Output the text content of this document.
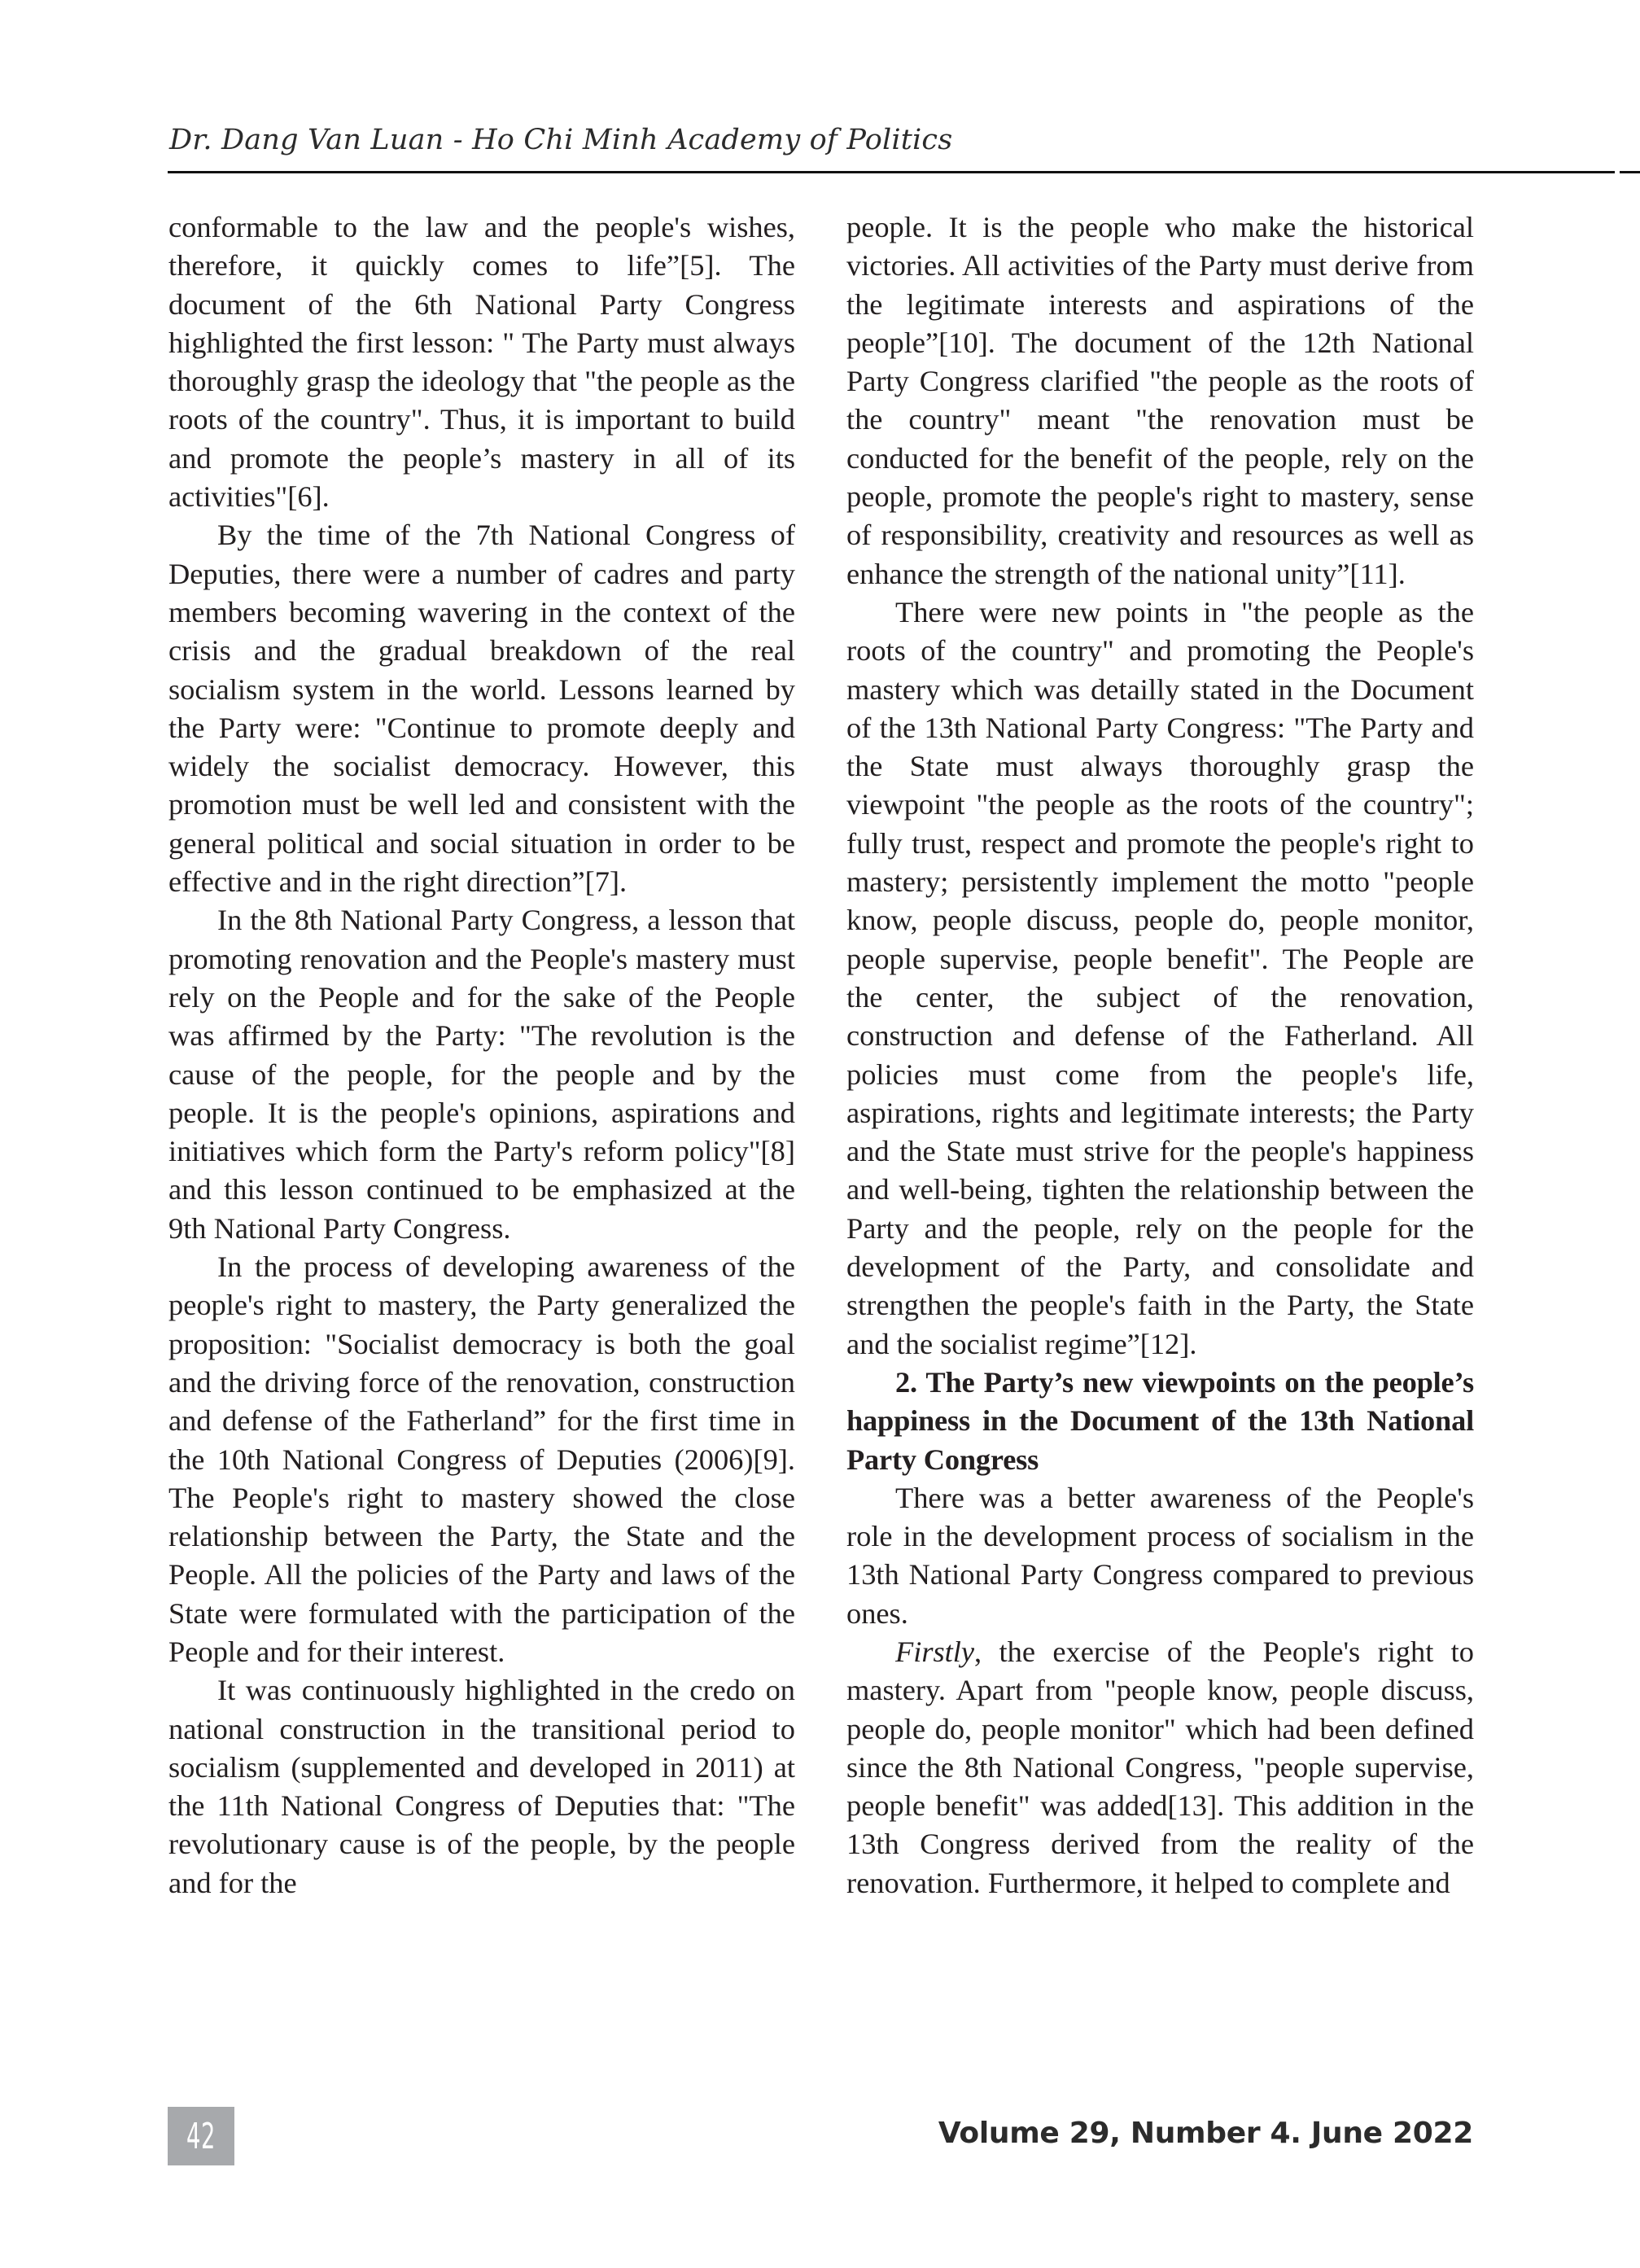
Dr. Dang Van Luan - Ho Chi Minh Academy of Politics

conformable to the law and the people's wishes, therefore, it quickly comes to life”[5]. The document of the 6th National Party Congress highlighted the first lesson: " The Party must always thoroughly grasp the ideology that "the people as the roots of the country". Thus, it is important to build and promote the people’s mastery in all of its activities"[6].

By the time of the 7th National Congress of Deputies, there were a number of cadres and party members becoming wavering in the context of the crisis and the gradual breakdown of the real socialism system in the world. Lessons learned by the Party were: "Continue to promote deeply and widely the socialist democracy. However, this promotion must be well led and consistent with the general political and social situation in order to be effective and in the right direction”[7].

In the 8th National Party Congress, a lesson that promoting renovation and the People's mastery must rely on the People and for the sake of the People was affirmed by the Party: "The revolution is the cause of the people, for the people and by the people. It is the people's opinions, aspirations and initiatives which form the Party's reform policy"[8] and this lesson continued to be emphasized at the 9th National Party Congress.

In the process of developing awareness of the people's right to mastery, the Party generalized the proposition: "Socialist democracy is both the goal and the driving force of the renovation, construction and defense of the Fatherland” for the first time in the 10th National Congress of Deputies (2006)[9]. The People's right to mastery showed the close relationship between the Party, the State and the People. All the policies of the Party and laws of the State were formulated with the participation of the People and for their interest.

It was continuously highlighted in the credo on national construction in the transitional period to socialism (supplemented and developed in 2011) at the 11th National Congress of Deputies that: "The revolutionary cause is of the people, by the people and for the

people. It is the people who make the historical victories. All activities of the Party must derive from the legitimate interests and aspirations of the people”[10]. The document of the 12th National Party Congress clarified "the people as the roots of the country" meant "the renovation must be conducted for the benefit of the people, rely on the people, promote the people's right to mastery, sense of responsibility, creativity and resources as well as enhance the strength of the national unity”[11].

There were new points in "the people as the roots of the country" and promoting the People's mastery which was detailly stated in the Document of the 13th National Party Congress: "The Party and the State must always thoroughly grasp the viewpoint "the people as the roots of the country"; fully trust, respect and promote the people's right to mastery; persistently implement the motto "people know, people discuss, people do, people monitor, people supervise, people benefit". The People are the center, the subject of the renovation, construction and defense of the Fatherland. All policies must come from the people's life, aspirations, rights and legitimate interests; the Party and the State must strive for the people's happiness and well-being, tighten the relationship between the Party and the people, rely on the people for the development of the Party, and consolidate and strengthen the people's faith in the Party, the State and the socialist regime”[12].

2. The Party’s new viewpoints on the people’s happiness in the Document of the 13th National Party Congress

There was a better awareness of the People's role in the development process of socialism in the 13th National Party Congress compared to previous ones.

Firstly, the exercise of the People's right to mastery. Apart from "people know, people discuss, people do, people monitor" which had been defined since the 8th National Congress, "people supervise, people benefit" was added[13]. This addition in the 13th Congress derived from the reality of the renovation. Furthermore, it helped to complete and

42	Volume 29, Number 4. June 2022
